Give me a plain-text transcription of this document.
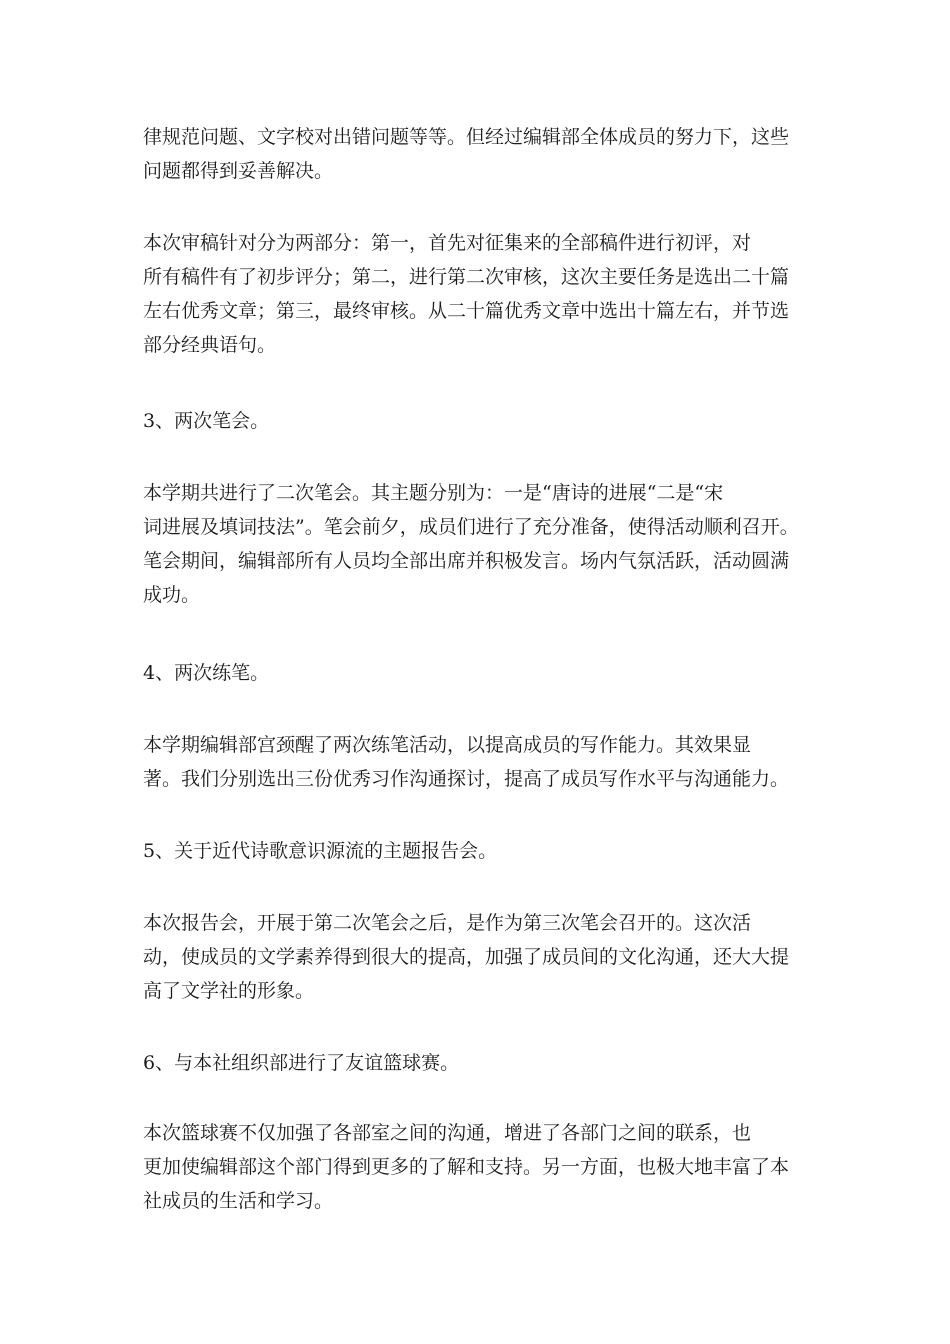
律规范问题、文字校对出错问题等等。但经过编辑部全体成员的努力下，这些
问题都得到妥善解决。

本次审稿针对分为两部分：第一，首先对征集来的全部稿件进行初评，对
所有稿件有了初步评分；第二，进行第二次审核，这次主要任务是选出二十篇
左右优秀文章；第三，最终审核。从二十篇优秀文章中选出十篇左右，并节选
部分经典语句。

3、两次笔会。

本学期共进行了二次笔会。其主题分别为：一是“唐诗的进展“二是“宋
词进展及填词技法”。笔会前夕，成员们进行了充分准备，使得活动顺利召开。
笔会期间，编辑部所有人员均全部出席并积极发言。场内气氛活跃，活动圆满
成功。

4、两次练笔。

本学期编辑部宫颈醒了两次练笔活动，以提高成员的写作能力。其效果显
著。我们分别选出三份优秀习作沟通探讨，提高了成员写作水平与沟通能力。

5、关于近代诗歌意识源流的主题报告会。

本次报告会，开展于第二次笔会之后，是作为第三次笔会召开的。这次活
动，使成员的文学素养得到很大的提高，加强了成员间的文化沟通，还大大提
高了文学社的形象。

6、与本社组织部进行了友谊篮球赛。

本次篮球赛不仅加强了各部室之间的沟通，增进了各部门之间的联系，也
更加使编辑部这个部门得到更多的了解和支持。另一方面，也极大地丰富了本
社成员的生活和学习。
